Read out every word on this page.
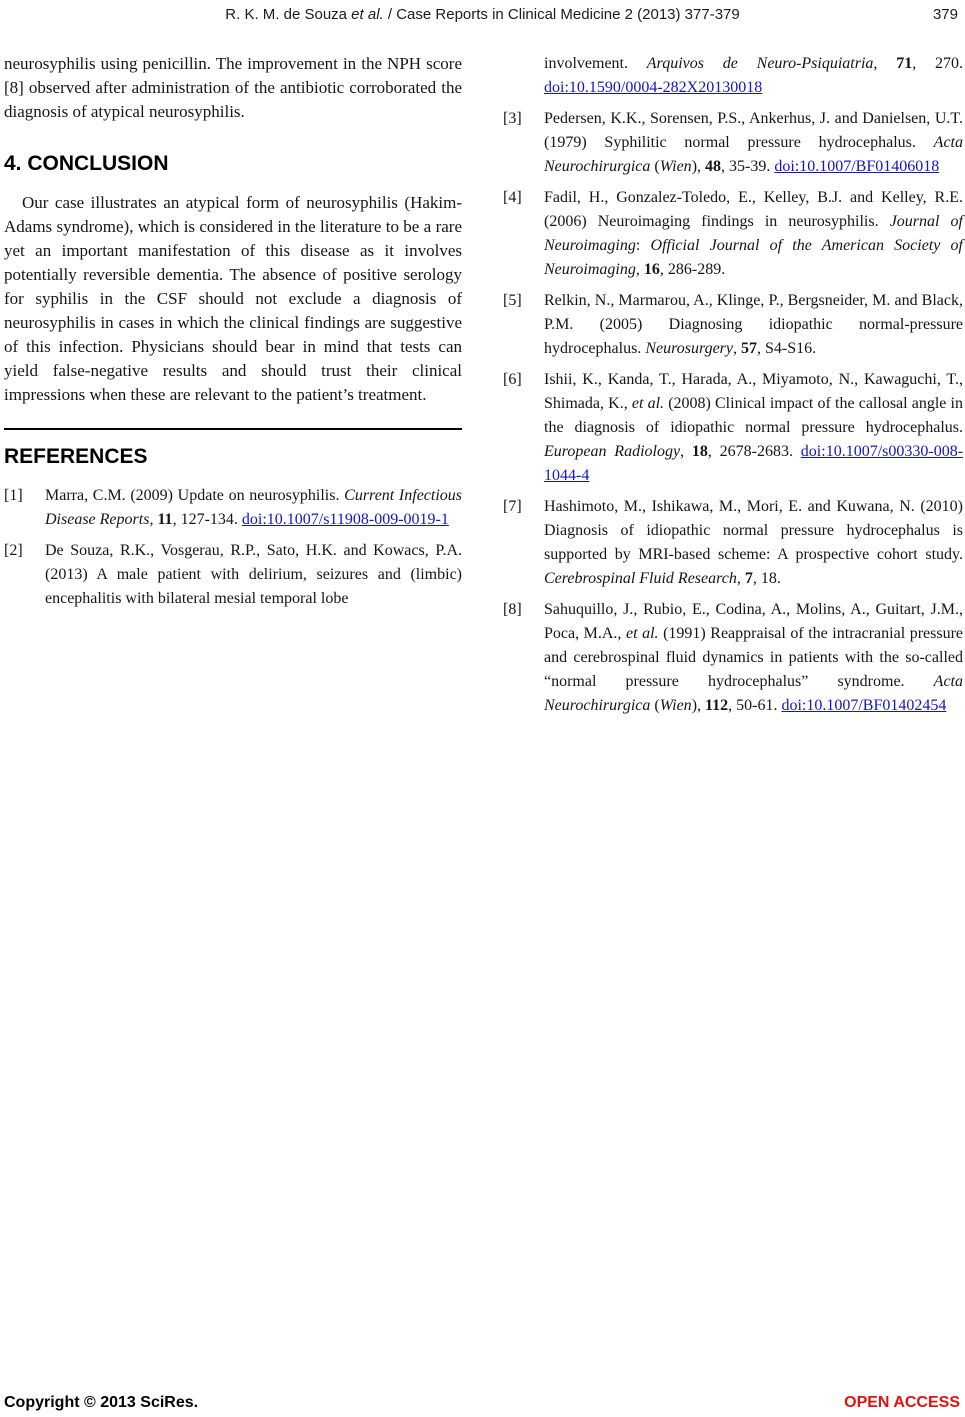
R. K. M. de Souza et al. / Case Reports in Clinical Medicine 2 (2013) 377-379	379

neurosyphilis using penicillin. The improvement in the NPH score [8] observed after administration of the antibiotic corroborated the diagnosis of atypical neurosyphilis.

4. CONCLUSION

Our case illustrates an atypical form of neurosyphilis (Hakim-Adams syndrome), which is considered in the literature to be a rare yet an important manifestation of this disease as it involves potentially reversible dementia. The absence of positive serology for syphilis in the CSF should not exclude a diagnosis of neurosyphilis in cases in which the clinical findings are suggestive of this infection. Physicians should bear in mind that tests can yield false-negative results and should trust their clinical impressions when these are relevant to the patient’s treatment.

REFERENCES
[1] Marra, C.M. (2009) Update on neurosyphilis. Current Infectious Disease Reports, 11, 127-134. doi:10.1007/s11908-009-0019-1
[2] De Souza, R.K., Vosgerau, R.P., Sato, H.K. and Kowacs, P.A. (2013) A male patient with delirium, seizures and (limbic) encephalitis with bilateral mesial temporal lobe
involvement. Arquivos de Neuro-Psiquiatria, 71, 270. doi:10.1590/0004-282X20130018
[3] Pedersen, K.K., Sorensen, P.S., Ankerhus, J. and Danielsen, U.T. (1979) Syphilitic normal pressure hydrocephalus. Acta Neurochirurgica (Wien), 48, 35-39. doi:10.1007/BF01406018
[4] Fadil, H., Gonzalez-Toledo, E., Kelley, B.J. and Kelley, R.E. (2006) Neuroimaging findings in neurosyphilis. Journal of Neuroimaging: Official Journal of the American Society of Neuroimaging, 16, 286-289.
[5] Relkin, N., Marmarou, A., Klinge, P., Bergsneider, M. and Black, P.M. (2005) Diagnosing idiopathic normal-pressure hydrocephalus. Neurosurgery, 57, S4-S16.
[6] Ishii, K., Kanda, T., Harada, A., Miyamoto, N., Kawaguchi, T., Shimada, K., et al. (2008) Clinical impact of the callosal angle in the diagnosis of idiopathic normal pressure hydrocephalus. European Radiology, 18, 2678-2683. doi:10.1007/s00330-008-1044-4
[7] Hashimoto, M., Ishikawa, M., Mori, E. and Kuwana, N. (2010) Diagnosis of idiopathic normal pressure hydrocephalus is supported by MRI-based scheme: A prospective cohort study. Cerebrospinal Fluid Research, 7, 18.
[8] Sahuquillo, J., Rubio, E., Codina, A., Molins, A., Guitart, J.M., Poca, M.A., et al. (1991) Reappraisal of the intracranial pressure and cerebrospinal fluid dynamics in patients with the so-called “normal pressure hydrocephalus” syndrome. Acta Neurochirurgica (Wien), 112, 50-61. doi:10.1007/BF01402454
Copyright © 2013 SciRes.	OPEN ACCESS
